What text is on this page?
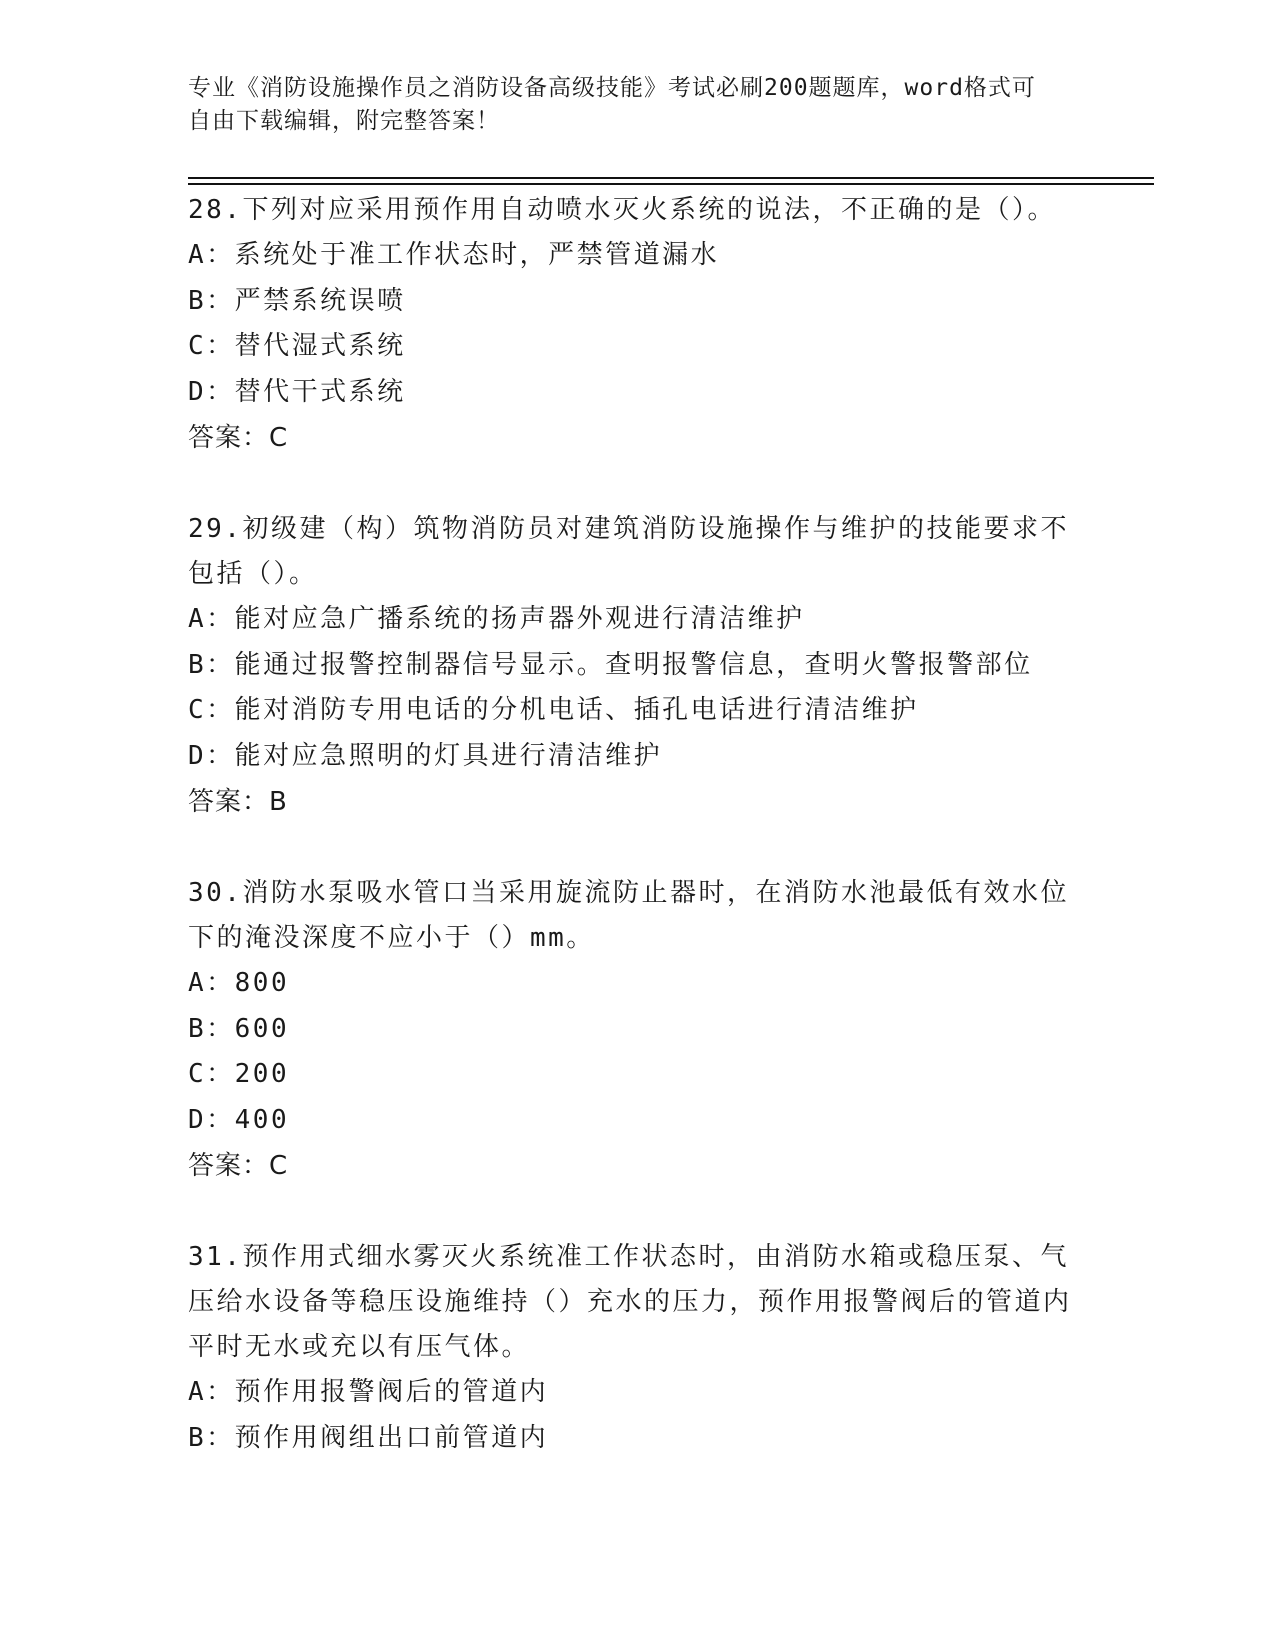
专业《消防设施操作员之消防设备高级技能》考试必刷200题题库，word格式可
自由下载编辑，附完整答案！
28.下列对应采用预作用自动喷水灭火系统的说法，不正确的是（）。
A：系统处于准工作状态时，严禁管道漏水
B：严禁系统误喷
C：替代湿式系统
D：替代干式系统
答案：C
29.初级建（构）筑物消防员对建筑消防设施操作与维护的技能要求不包括（）。
A：能对应急广播系统的扬声器外观进行清洁维护
B：能通过报警控制器信号显示。查明报警信息，查明火警报警部位
C：能对消防专用电话的分机电话、插孔电话进行清洁维护
D：能对应急照明的灯具进行清洁维护
答案：B
30.消防水泵吸水管口当采用旋流防止器时，在消防水池最低有效水位下的淹没深度不应小于（）mm。
A：800
B：600
C：200
D：400
答案：C
31.预作用式细水雾灭火系统准工作状态时，由消防水箱或稳压泵、气压给水设备等稳压设施维持（）充水的压力，预作用报警阀后的管道内平时无水或充以有压气体。
A：预作用报警阀后的管道内
B：预作用阀组出口前管道内
